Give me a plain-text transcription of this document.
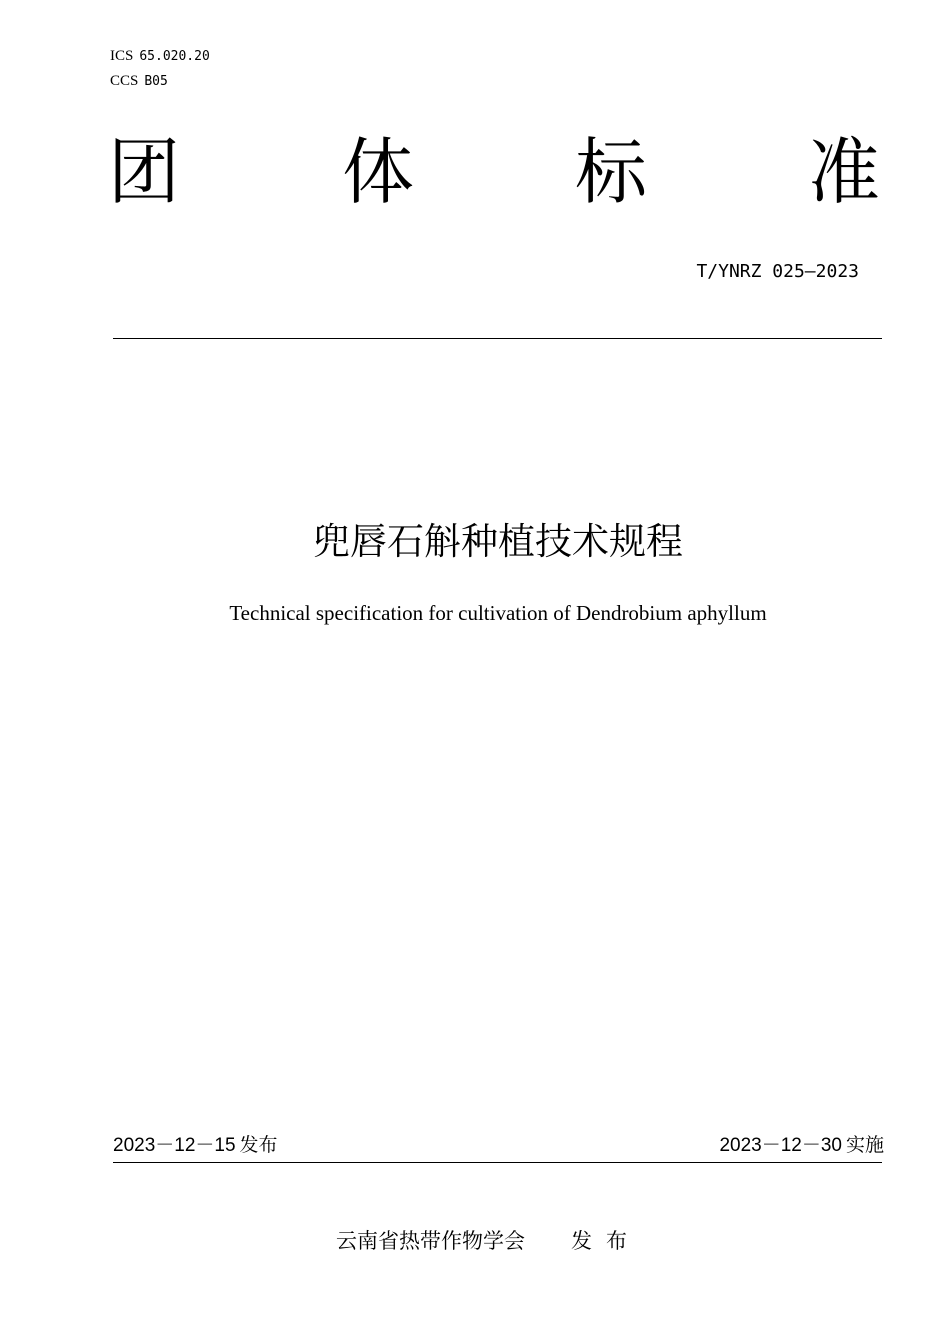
ICS 65.020.20
CCS B05
团 体 标 准
T/YNRZ 025—2023
兜唇石斛种植技术规程
Technical specification for cultivation of Dendrobium aphyllum
2023－12－15 发布	2023－12－30 实施
云南省热带作物学会 发布
